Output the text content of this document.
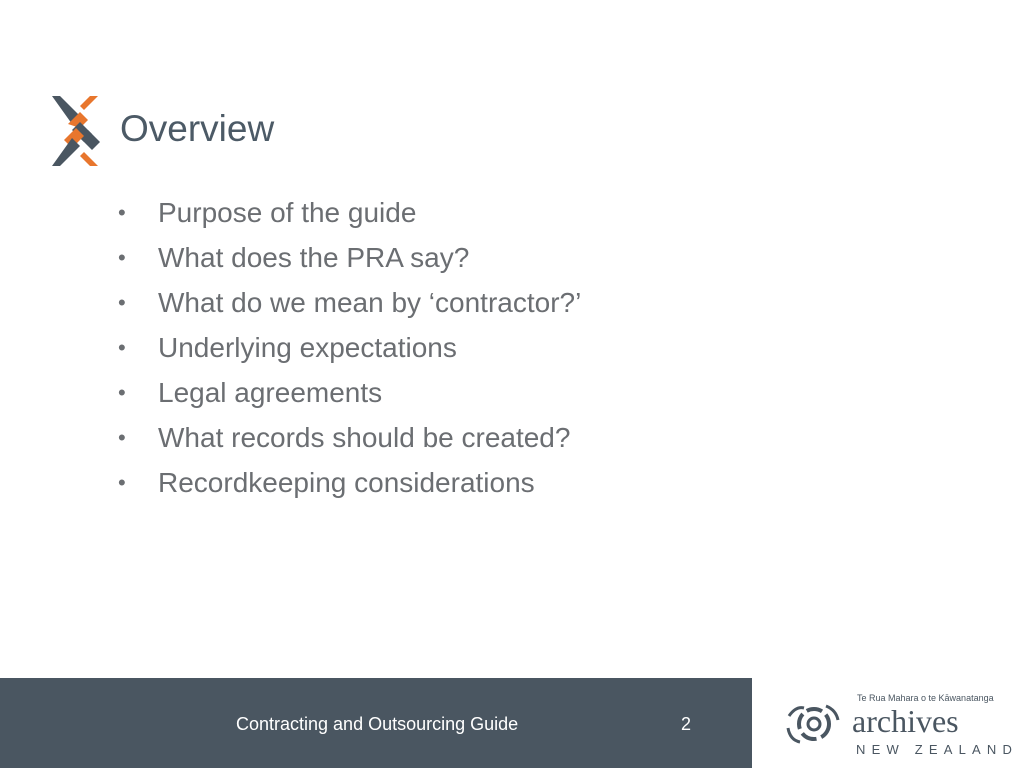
Overview
• Purpose of the guide
• What does the PRA say?
• What do we mean by ‘contractor?’
• Underlying expectations
• Legal agreements
• What records should be created?
• Recordkeeping considerations
Contracting and Outsourcing Guide	2
Te Rua Mahara o te Kāwanatanga
archives
NEW ZEALAND
